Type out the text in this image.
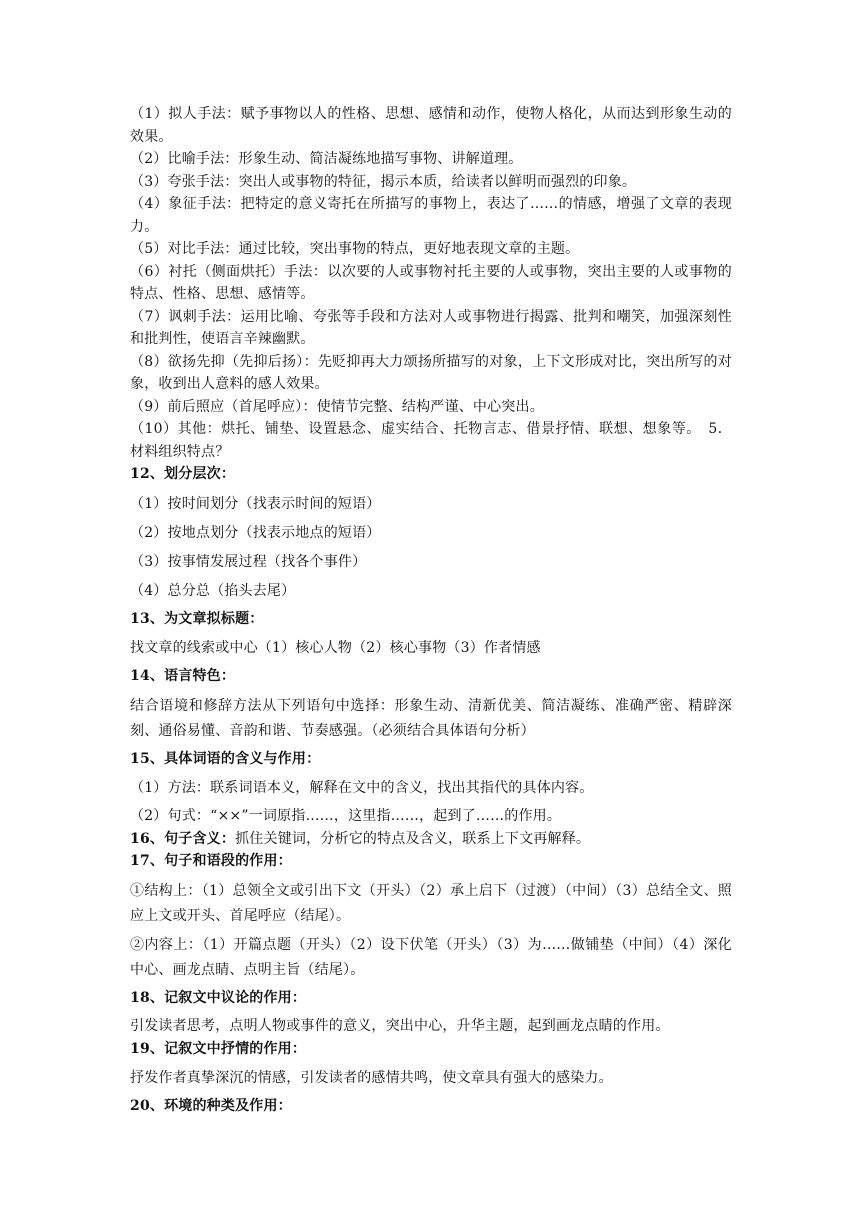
（1）拟人手法：赋予事物以人的性格、思想、感情和动作，使物人格化，从而达到形象生动的效果。

（2）比喻手法：形象生动、简洁凝练地描写事物、讲解道理。

（3）夸张手法：突出人或事物的特征，揭示本质，给读者以鲜明而强烈的印象。

（4）象征手法：把特定的意义寄托在所描写的事物上，表达了……的情感，增强了文章的表现力。

（5）对比手法：通过比较，突出事物的特点，更好地表现文章的主题。

（6）衬托（侧面烘托）手法：以次要的人或事物衬托主要的人或事物，突出主要的人或事物的特点、性格、思想、感情等。

（7）讽刺手法：运用比喻、夸张等手段和方法对人或事物进行揭露、批判和嘲笑，加强深刻性和批判性，使语言辛辣幽默。

（8）欲扬先抑（先抑后扬）：先贬抑再大力颂扬所描写的对象，上下文形成对比，突出所写的对象，收到出人意料的感人效果。

（9）前后照应（首尾呼应）：使情节完整、结构严谨、中心突出。

（10）其他：烘托、铺垫、设置悬念、虚实结合、托物言志、借景抒情、联想、想象等。　5．材料组织特点？

12、划分层次：

（1）按时间划分（找表示时间的短语）

（2）按地点划分（找表示地点的短语）

（3）按事情发展过程（找各个事件）

（4）总分总（掐头去尾）

13、为文章拟标题：

找文章的线索或中心（1）核心人物（2）核心事物（3）作者情感

14、语言特色：

结合语境和修辞方法从下列语句中选择：形象生动、清新优美、简洁凝练、准确严密、精辟深刻、通俗易懂、音韵和谐、节奏感强。（必须结合具体语句分析）

15、具体词语的含义与作用：

（1）方法：联系词语本义，解释在文中的含义，找出其指代的具体内容。

（2）句式：“××”一词原指……，这里指……，起到了……的作用。

16、句子含义：抓住关键词，分析它的特点及含义，联系上下文再解释。

17、句子和语段的作用：

①结构上：（1）总领全文或引出下文（开头）（2）承上启下（过渡）（中间）（3）总结全文、照应上文或开头、首尾呼应（结尾）。

②内容上：（1）开篇点题（开头）（2）设下伏笔（开头）（3）为……做铺垫（中间）（4）深化中心、画龙点睛、点明主旨（结尾）。

18、记叙文中议论的作用：

引发读者思考，点明人物或事件的意义，突出中心，升华主题，起到画龙点睛的作用。

19、记叙文中抒情的作用：

抒发作者真挚深沉的情感，引发读者的感情共鸣，使文章具有强大的感染力。

20、环境的种类及作用：
